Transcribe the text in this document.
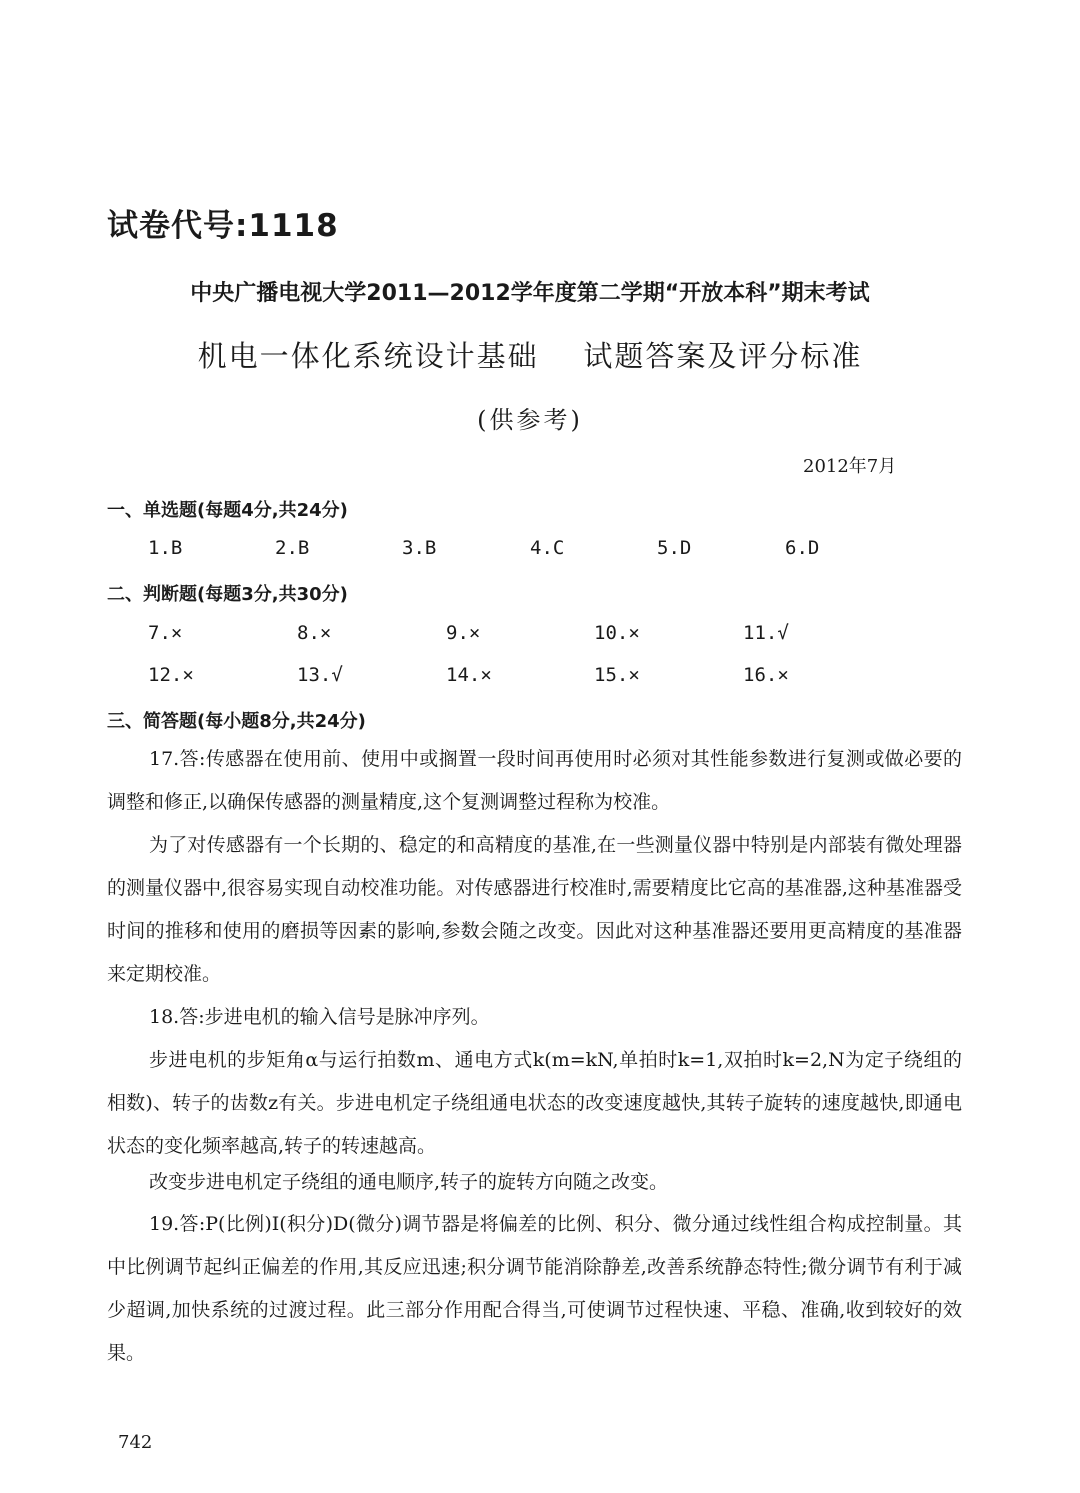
试卷代号:1118
中央广播电视大学2011—2012学年度第二学期“开放本科”期末考试
机电一体化系统设计基础    试题答案及评分标准
(供参考)
2012年7月
一、单选题(每题4分,共24分)
1.B	2.B	3.B	4.C	5.D	6.D
二、判断题(每题3分,共30分)
7.×	8.×	9.×	10.×	11.√
12.×	13.√	14.×	15.×	16.×
三、简答题(每小题8分,共24分)
17.答:传感器在使用前、使用中或搁置一段时间再使用时必须对其性能参数进行复测或做必要的调整和修正,以确保传感器的测量精度,这个复测调整过程称为校准。
为了对传感器有一个长期的、稳定的和高精度的基准,在一些测量仪器中特别是内部装有微处理器的测量仪器中,很容易实现自动校准功能。对传感器进行校准时,需要精度比它高的基准器,这种基准器受时间的推移和使用的磨损等因素的影响,参数会随之改变。因此对这种基准器还要用更高精度的基准器来定期校准。
18.答:步进电机的输入信号是脉冲序列。
步进电机的步矩角α与运行拍数m、通电方式k(m=kN,单拍时k=1,双拍时k=2,N为定子绕组的相数)、转子的齿数z有关。步进电机定子绕组通电状态的改变速度越快,其转子旋转的速度越快,即通电状态的变化频率越高,转子的转速越高。
改变步进电机定子绕组的通电顺序,转子的旋转方向随之改变。
19.答:P(比例)I(积分)D(微分)调节器是将偏差的比例、积分、微分通过线性组合构成控制量。其中比例调节起纠正偏差的作用,其反应迅速;积分调节能消除静差,改善系统静态特性;微分调节有利于减少超调,加快系统的过渡过程。此三部分作用配合得当,可使调节过程快速、平稳、准确,收到较好的效果。
742
